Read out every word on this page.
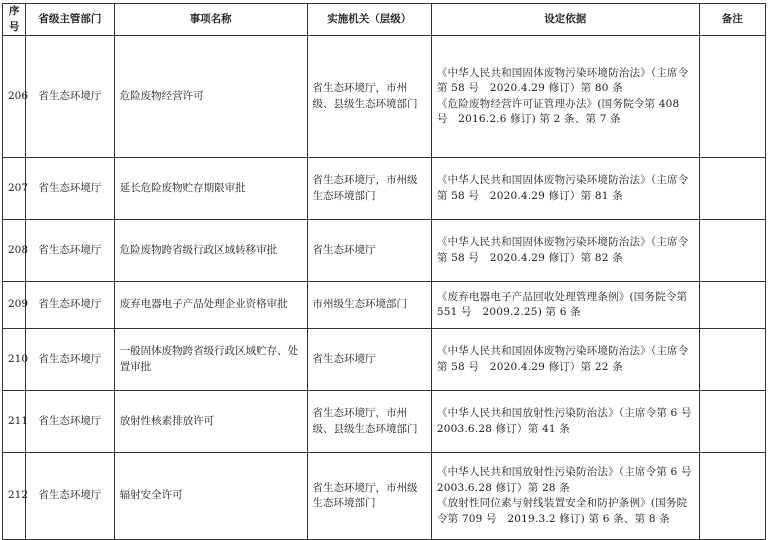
序号	省级主管部门	事项名称	实施机关（层级）	设定依据	备注
206	省生态环境厅	危险废物经营许可	省生态环境厅，市州级、县级生态环境部门	《中华人民共和国固体废物污染环境防治法》（主席令第 58 号　2020.4.29 修订）第 80 条
《危险废物经营许可证管理办法》(国务院令第 408 号　2016.2.6 修订) 第 2 条、第 7 条	

207	省生态环境厅	延长危险废物贮存期限审批	省生态环境厅，市州级生态环境部门	《中华人民共和国固体废物污染环境防治法》（主席令第 58 号　2020.4.29 修订）第 81 条	

208	省生态环境厅	危险废物跨省级行政区域转移审批	省生态环境厅	《中华人民共和国固体废物污染环境防治法》（主席令第 58 号　2020.4.29 修订）第 82 条	

209	省生态环境厅	废弃电器电子产品处理企业资格审批	市州级生态环境部门	《废弃电器电子产品回收处理管理条例》(国务院令第 551 号　2009.2.25) 第 6 条	

210	省生态环境厅	一般固体废物跨省级行政区域贮存、处置审批	省生态环境厅	《中华人民共和国固体废物污染环境防治法》（主席令第 58 号　2020.4.29 修订）第 22 条	

211	省生态环境厅	放射性核素排放许可	省生态环境厅，市州级、县级生态环境部门	《中华人民共和国放射性污染防治法》（主席令第 6 号　2003.6.28 修订）第 41 条	

212	省生态环境厅	辐射安全许可	省生态环境厅，市州级生态环境部门	《中华人民共和国放射性污染防治法》（主席令第 6 号　2003.6.28 修订）第 28 条
《放射性同位素与射线装置安全和防护条例》(国务院令第 709 号　2019.3.2 修订) 第 6 条、第 8 条	
